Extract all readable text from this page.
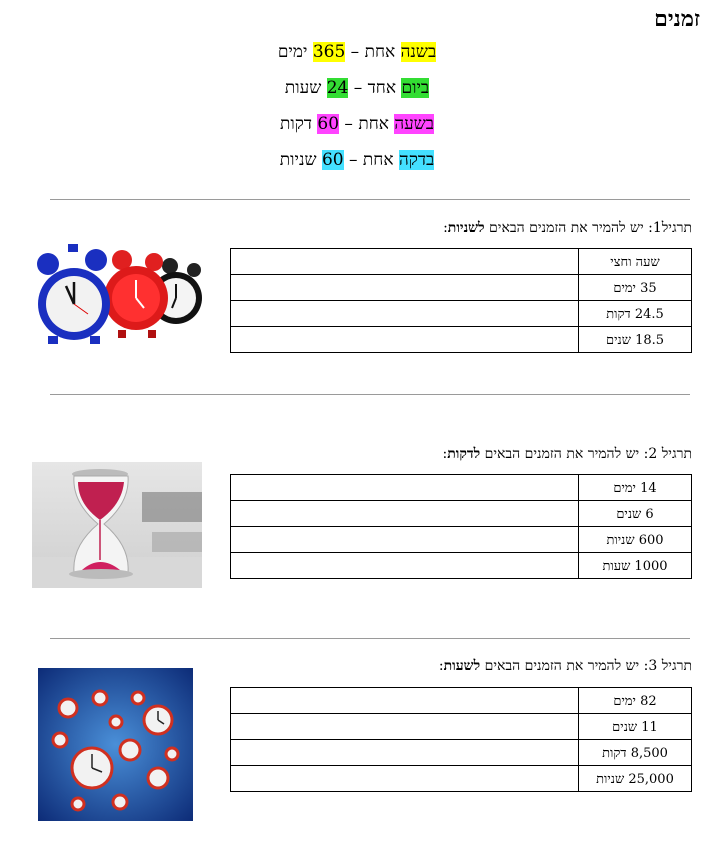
זמנים
בשנה אחת – 365 ימים
ביום אחד – 24 שעות
בשעה אחת – 60 דקות
בדקה אחת – 60 שניות
תרגיל1: יש להמיר את הזמנים הבאים לשניות:
	שעה וחצי
	35 ימים
	24.5 דקות
	18.5 שנים
תרגיל 2: יש להמיר את הזמנים הבאים לדקות:
	14 ימים
	6 שנים
	600 שניות
	1000 שעות
תרגיל 3: יש להמיר את הזמנים הבאים לשעות:
	82 ימים
	11 שנים
	8,500 דקות
	25,000 שניות
